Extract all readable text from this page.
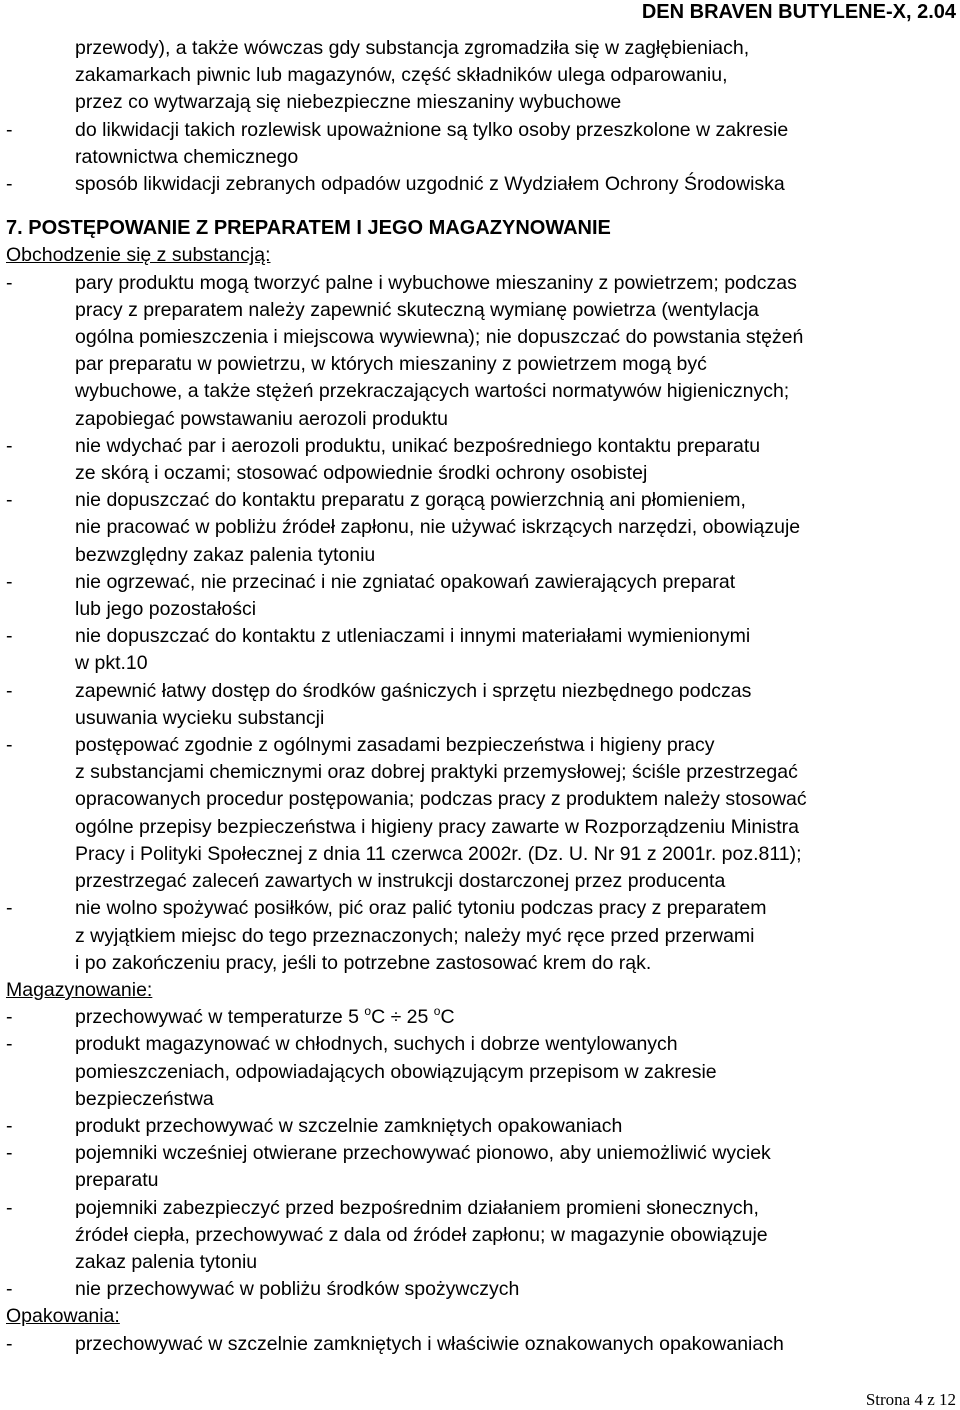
DEN BRAVEN BUTYLENE-X, 2.04
przewody), a także wówczas gdy substancja zgromadziła się w zagłębieniach,
zakamarkach piwnic lub magazynów, część składników ulega odparowaniu,
przez co wytwarzają się niebezpieczne mieszaniny wybuchowe
-	do likwidacji takich rozlewisk upoważnione są tylko osoby przeszkolone w zakresie
ratownictwa chemicznego
-	sposób likwidacji zebranych odpadów uzgodnić z Wydziałem Ochrony Środowiska
7. POSTĘPOWANIE Z PREPARATEM I JEGO MAGAZYNOWANIE
Obchodzenie się z substancją:
-	pary produktu mogą tworzyć palne i wybuchowe mieszaniny z powietrzem; podczas
pracy z preparatem należy zapewnić skuteczną wymianę powietrza (wentylacja
ogólna pomieszczenia i miejscowa wywiewna); nie dopuszczać do powstania stężeń
par preparatu w powietrzu, w których mieszaniny z powietrzem mogą być
wybuchowe, a także stężeń przekraczających wartości normatywów higienicznych;
zapobiegać powstawaniu aerozoli produktu
-	nie wdychać par i aerozoli produktu, unikać bezpośredniego kontaktu preparatu
ze skórą i oczami; stosować odpowiednie środki ochrony osobistej
-	nie dopuszczać do kontaktu preparatu z gorącą powierzchnią ani płomieniem,
nie pracować w pobliżu źródeł zapłonu, nie używać iskrzących narzędzi, obowiązuje
bezwzględny zakaz palenia tytoniu
-	nie ogrzewać, nie przecinać i nie zgniatać opakowań zawierających preparat
lub jego pozostałości
-	nie dopuszczać do kontaktu z utleniaczami i innymi materiałami wymienionymi
w pkt.10
-	zapewnić łatwy dostęp do środków gaśniczych i sprzętu niezbędnego podczas
usuwania wycieku substancji
-	postępować zgodnie z ogólnymi zasadami bezpieczeństwa i higieny pracy
z substancjami chemicznymi oraz dobrej praktyki przemysłowej; ściśle przestrzegać
opracowanych procedur postępowania; podczas pracy z produktem należy stosować
ogólne przepisy bezpieczeństwa i higieny pracy zawarte w Rozporządzeniu Ministra
Pracy i Polityki Społecznej z dnia 11 czerwca 2002r. (Dz. U. Nr 91 z 2001r. poz.811);
przestrzegać zaleceń zawartych w instrukcji dostarczonej przez producenta
-	nie wolno spożywać posiłków, pić oraz palić tytoniu podczas pracy z preparatem
z wyjątkiem miejsc do tego przeznaczonych; należy myć ręce przed przerwami
i po zakończeniu pracy, jeśli to potrzebne zastosować krem do rąk.
Magazynowanie:
-	przechowywać w temperaturze 5 $^o$C ÷ 25 $^o$C
-	produkt magazynować w chłodnych, suchych i dobrze wentylowanych
pomieszczeniach, odpowiadających obowiązującym przepisom w zakresie
bezpieczeństwa
-	produkt przechowywać w szczelnie zamkniętych opakowaniach
-	pojemniki wcześniej otwierane przechowywać pionowo, aby uniemożliwić wyciek
preparatu
-	pojemniki zabezpieczyć przed bezpośrednim działaniem promieni słonecznych,
źródeł ciepła, przechowywać z dala od źródeł zapłonu; w magazynie obowiązuje
zakaz palenia tytoniu
-	nie przechowywać w pobliżu środków spożywczych
Opakowania:
-	przechowywać w szczelnie zamkniętych i właściwie oznakowanych opakowaniach
Strona 4 z 12
